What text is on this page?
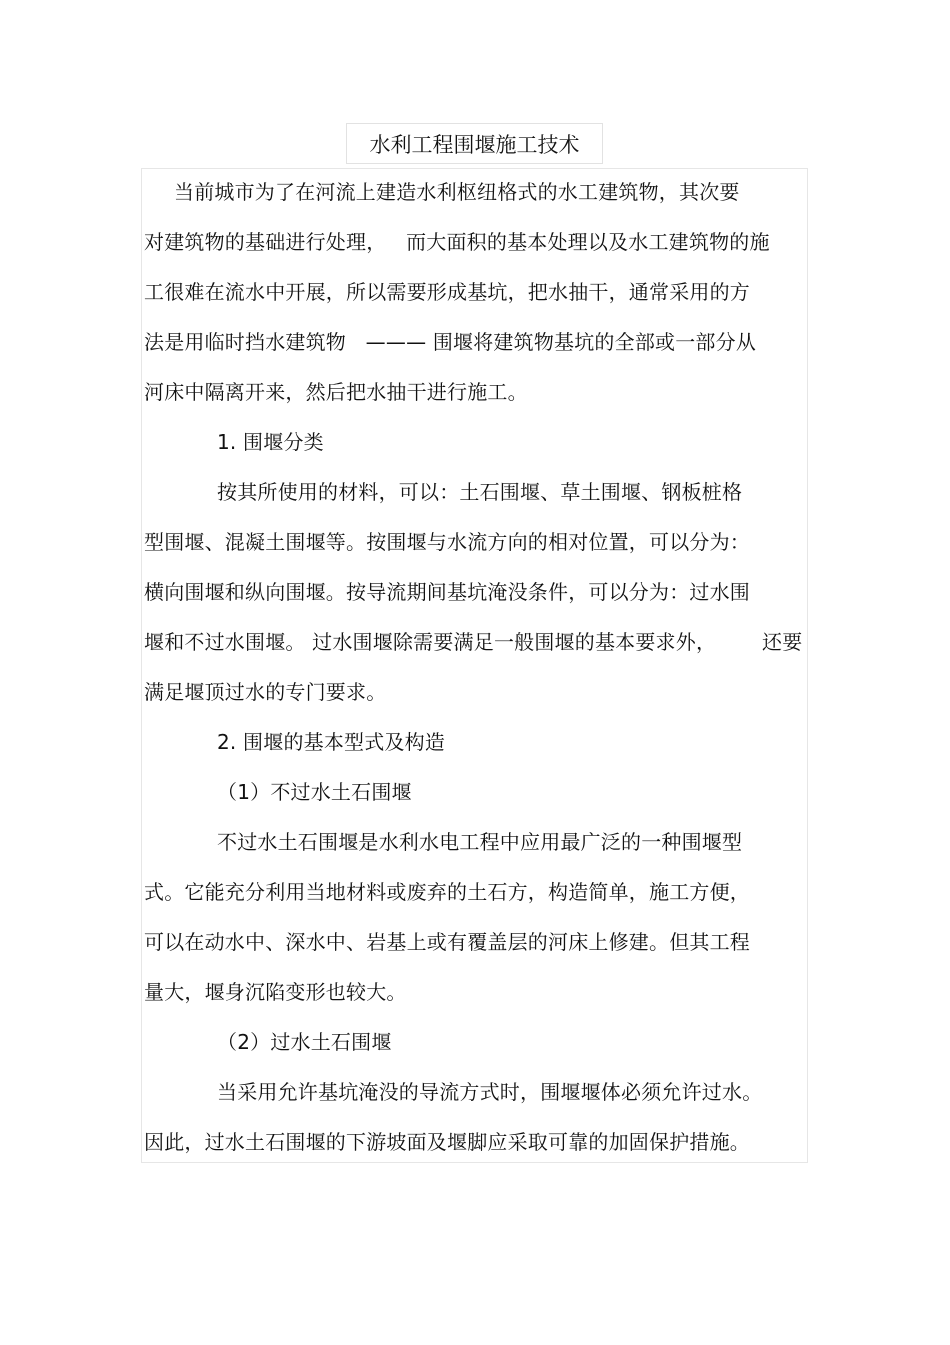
水利工程围堰施工技术
当前城市为了在河流上建造水利枢纽格式的水工建筑物，其次要
对建筑物的基础进行处理，   而大面积的基本处理以及水工建筑物的施
工很难在流水中开展，所以需要形成基坑，把水抽干，通常采用的方
法是用临时挡水建筑物   ——— 围堰将建筑物基坑的全部或一部分从
河床中隔离开来，然后把水抽干进行施工。
1. 围堰分类
按其所使用的材料，可以：土石围堰、草土围堰、钢板桩格
型围堰、混凝土围堰等。按围堰与水流方向的相对位置，可以分为：
横向围堰和纵向围堰。按导流期间基坑淹没条件，可以分为：过水围
堰和不过水围堰。 过水围堰除需要满足一般围堰的基本要求外，       还要
满足堰顶过水的专门要求。
2. 围堰的基本型式及构造
（1）不过水土石围堰
不过水土石围堰是水利水电工程中应用最广泛的一种围堰型
式。它能充分利用当地材料或废弃的土石方，构造简单，施工方便，
可以在动水中、深水中、岩基上或有覆盖层的河床上修建。但其工程
量大，堰身沉陷变形也较大。
（2）过水土石围堰
当采用允许基坑淹没的导流方式时，围堰堰体必须允许过水。
因此，过水土石围堰的下游坡面及堰脚应采取可靠的加固保护措施。
